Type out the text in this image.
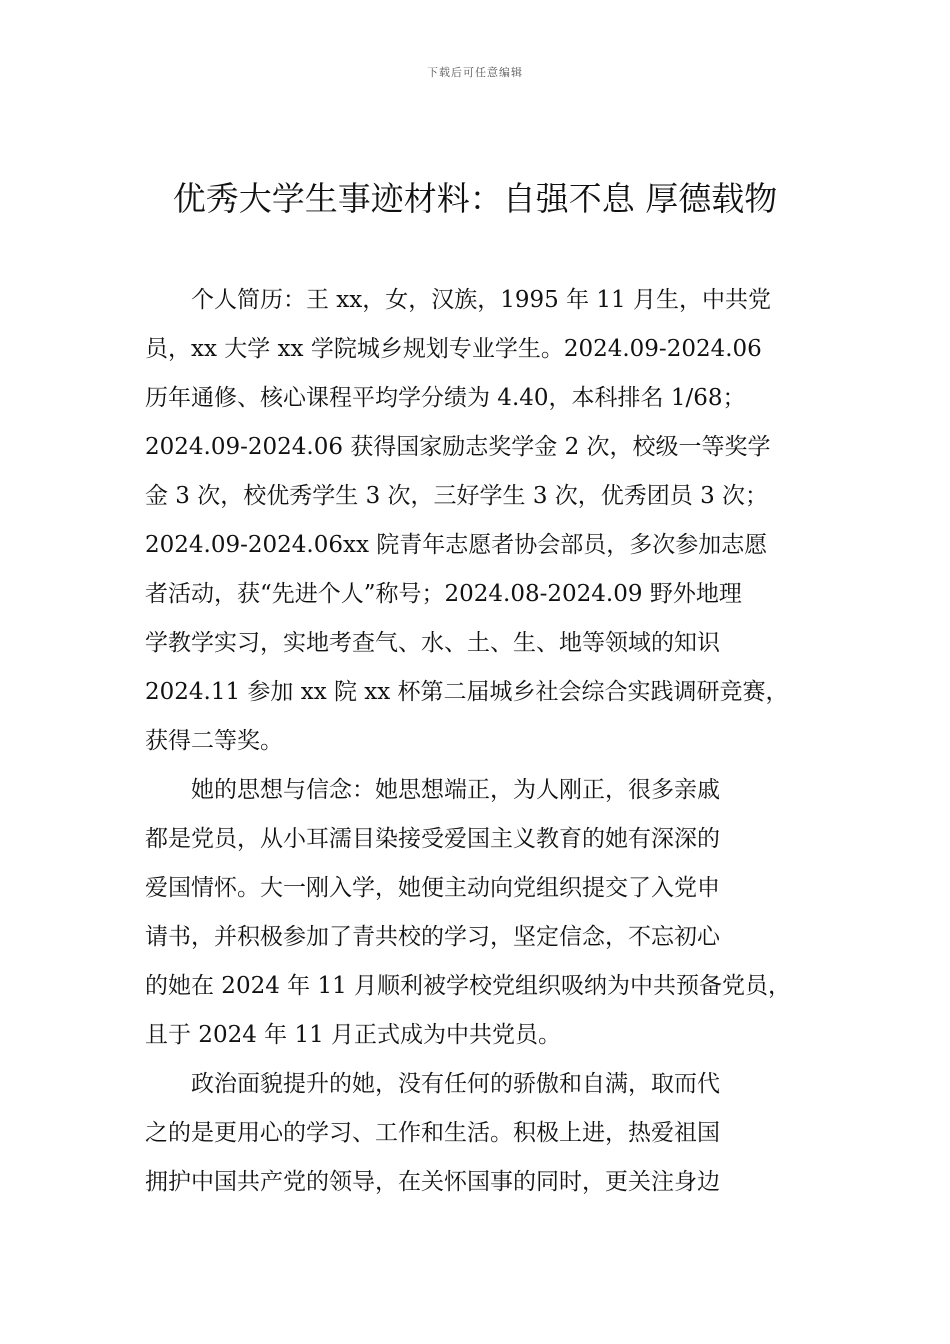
下载后可任意编辑
优秀大学生事迹材料：自强不息 厚德载物

个人简历：王 xx，女，汉族，1995 年 11 月生，中共党
员，xx 大学 xx 学院城乡规划专业学生。2024.09-2024.06
历年通修、核心课程平均学分绩为 4.40，本科排名 1/68；
2024.09-2024.06 获得国家励志奖学金 2 次，校级一等奖学
金 3 次，校优秀学生 3 次，三好学生 3 次，优秀团员 3 次；
2024.09-2024.06xx 院青年志愿者协会部员，多次参加志愿
者活动，获“先进个人”称号；2024.08-2024.09 野外地理
学教学实习，实地考查气、水、土、生、地等领域的知识
2024.11 参加 xx 院 xx 杯第二届城乡社会综合实践调研竞赛，
获得二等奖。

她的思想与信念：她思想端正，为人刚正，很多亲戚
都是党员，从小耳濡目染接受爱国主义教育的她有深深的
爱国情怀。大一刚入学，她便主动向党组织提交了入党申
请书，并积极参加了青共校的学习，坚定信念，不忘初心
的她在 2024 年 11 月顺利被学校党组织吸纳为中共预备党员，
且于 2024 年 11 月正式成为中共党员。

政治面貌提升的她，没有任何的骄傲和自满，取而代
之的是更用心的学习、工作和生活。积极上进，热爱祖国
拥护中国共产党的领导，在关怀国事的同时，更关注身边
